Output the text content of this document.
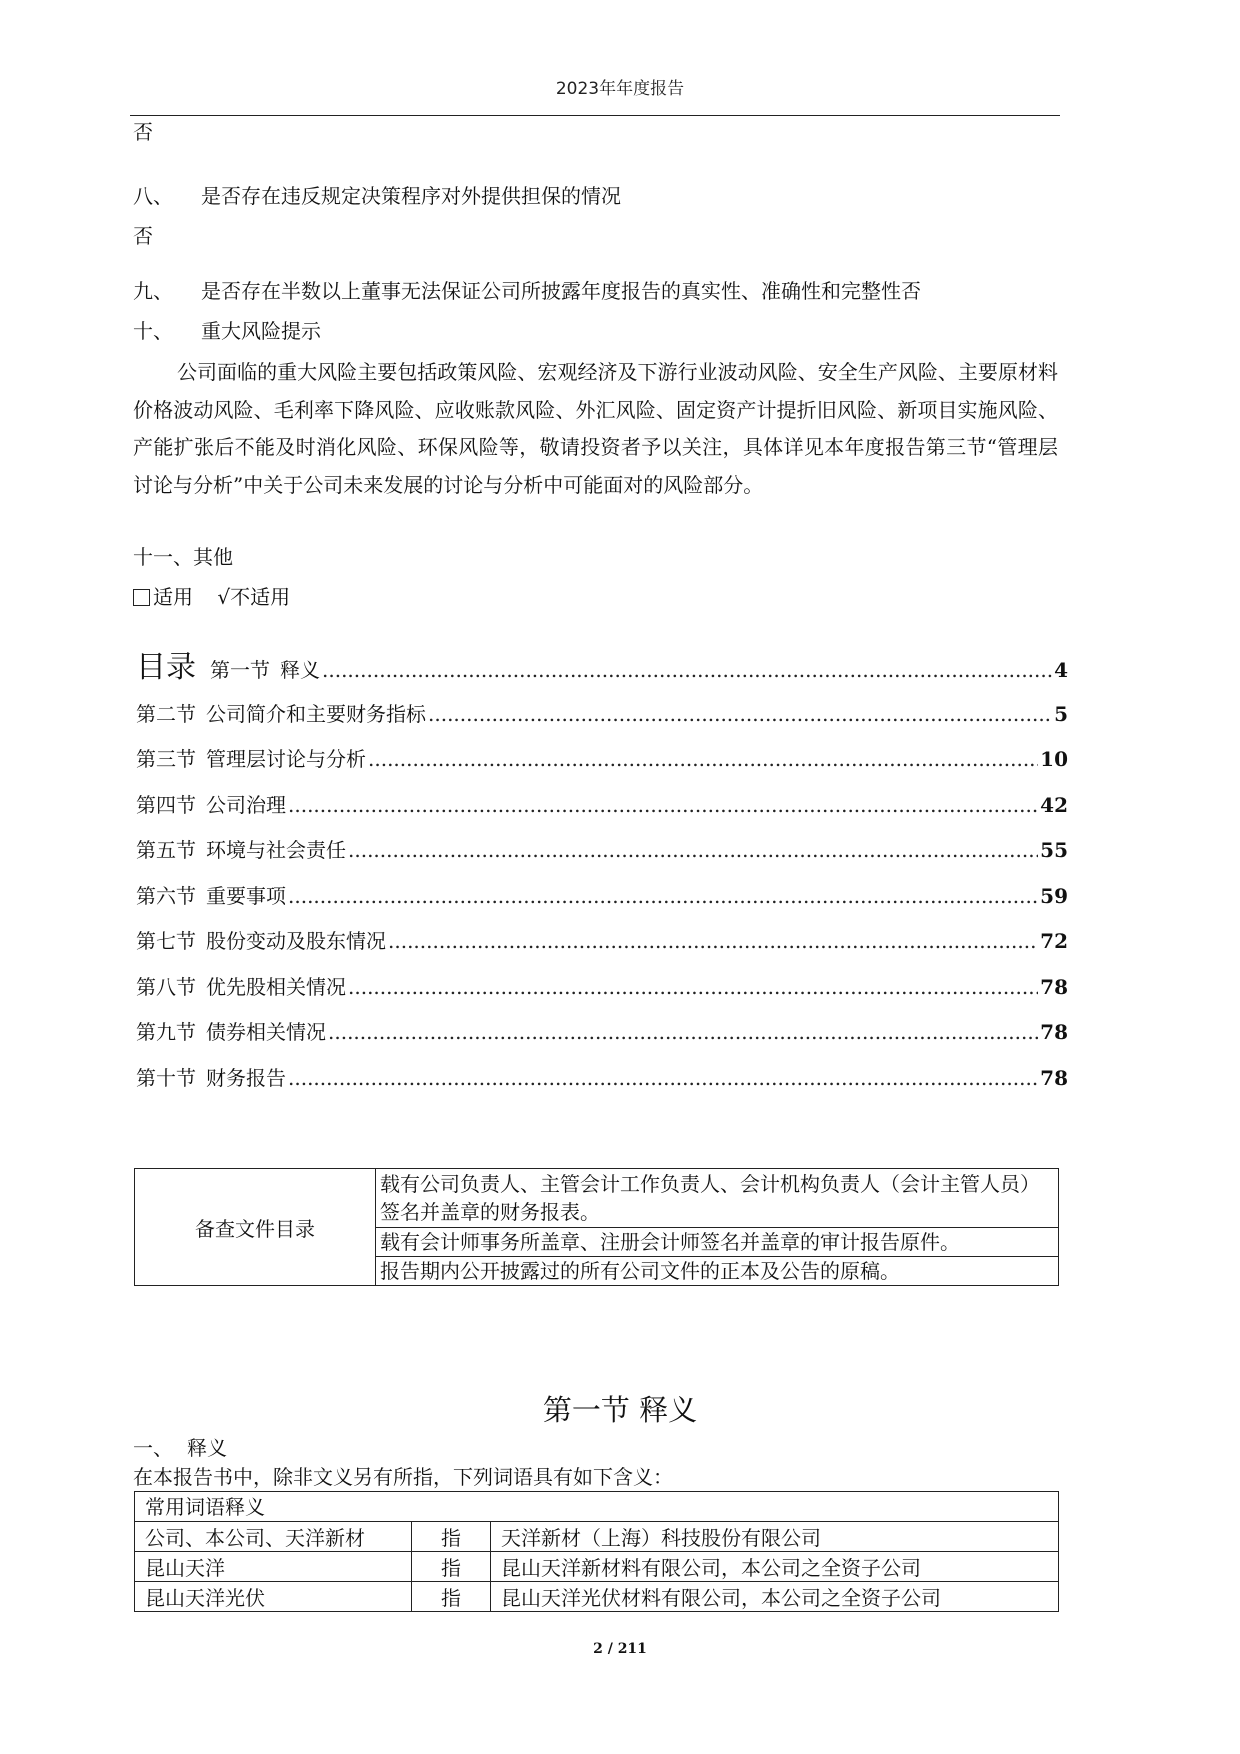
2023年年度报告
否
八、 是否存在违反规定决策程序对外提供担保的情况
否
九、 是否存在半数以上董事无法保证公司所披露年度报告的真实性、准确性和完整性否
十、 重大风险提示
公司面临的重大风险主要包括政策风险、宏观经济及下游行业波动风险、安全生产风险、主要原材料价格波动风险、毛利率下降风险、应收账款风险、外汇风险、固定资产计提折旧风险、新项目实施风险、产能扩张后不能及时消化风险、环保风险等，敬请投资者予以关注，具体详见本年度报告第三节“管理层讨论与分析”中关于公司未来发展的讨论与分析中可能面对的风险部分。
十一、其他
适用 √不适用
目录 第一节 释义 .....	4
第二节 公司简介和主要财务指标 .....	5
第三节 管理层讨论与分析 .....	10
第四节 公司治理 .....	42
第五节 环境与社会责任 .....	55
第六节 重要事项 .....	59
第七节 股份变动及股东情况 .....	72
第八节 优先股相关情况 .....	78
第九节 债券相关情况 .....	78
第十节 财务报告 .....	78
备查文件目录	载有公司负责人、主管会计工作负责人、会计机构负责人（会计主管人员）签名并盖章的财务报表。
载有会计师事务所盖章、注册会计师签名并盖章的审计报告原件。
报告期内公开披露过的所有公司文件的正本及公告的原稿。
第一节 释义
一、 释义
在本报告书中，除非文义另有所指，下列词语具有如下含义：
常用词语释义		
公司、本公司、天洋新材	指	天洋新材（上海）科技股份有限公司
昆山天洋	指	昆山天洋新材料有限公司，本公司之全资子公司
昆山天洋光伏	指	昆山天洋光伏材料有限公司，本公司之全资子公司
2 / 211
